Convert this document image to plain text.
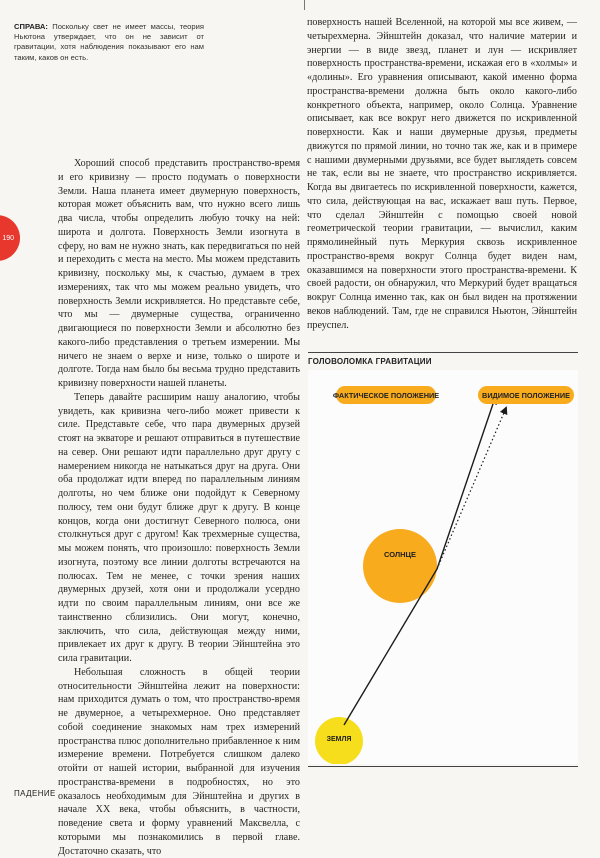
СПРАВА: Поскольку свет не имеет массы, теория Ньютона утверждает, что он не зависит от гравитации, хотя наблюдения показывают его нам таким, каков он есть.
190

Хороший способ представить пространство-время и его кривизну — просто подумать о поверхности Земли. Наша планета имеет двумерную поверхность, которая может объяснить вам, что нужно всего лишь два числа, чтобы определить любую точку на ней: широта и долгота. Поверхность Земли изогнута в сферу, но вам не нужно знать, как передвигаться по ней и переходить с места на место. Мы можем представить кривизну, поскольку мы, к счастью, думаем в трех измерениях, так что мы можем реально увидеть, что поверхность Земли искривляется. Но представьте себе, что мы — двумерные существа, ограниченно двигающиеся по поверхности Земли и абсолютно без какого-либо представления о третьем измерении. Мы ничего не знаем о верхе и низе, только о широте и долготе. Тогда нам было бы весьма трудно представить кривизну поверхности нашей планеты.

Теперь давайте расширим нашу аналогию, чтобы увидеть, как кривизна чего-либо может привести к силе. Представьте себе, что пара двумерных друзей стоят на экваторе и решают отправиться в путешествие на север. Они решают идти параллельно друг другу с намерением никогда не натыкаться друг на друга. Они оба продолжат идти вперед по параллельным линиям долготы, но чем ближе они подойдут к Северному полюсу, тем они будут ближе друг к другу. В конце концов, когда они достигнут Северного полюса, они столкнуться друг с другом! Как трехмерные существа, мы можем понять, что произошло: поверхность Земли изогнута, поэтому все линии долготы встречаются на полюсах. Тем не менее, с точки зрения наших двумерных друзей, хотя они и продолжали усердно идти по своим параллельным линиям, они все же таинственно сблизились. Они могут, конечно, заключить, что сила, действующая между ними, привлекает их друг к другу. В теории Эйнштейна это сила гравитации.

Небольшая сложность в общей теории относительности Эйнштейна лежит на поверхности: нам приходится думать о том, что пространство-время не двумерное, а четырехмерное. Оно представляет собой соединение знакомых нам трех измерений пространства плюс дополнительно прибавленное к ним измерение времени. Потребуется слишком далеко отойти от нашей истории, выбранной для изучения пространства-времени в подробностях, но это оказалось необходимым для Эйнштейна и других в начале XX века, чтобы объяснить, в частности, поведение света и форму уравнений Максвелла, с которыми мы познакомились в первой главе. Достаточно сказать, что

поверхность нашей Вселенной, на которой мы все живем, — четырехмерна. Эйнштейн доказал, что наличие материи и энергии — в виде звезд, планет и лун — искривляет поверхность пространства-времени, искажая его в «холмы» и «долины». Его уравнения описывают, какой именно форма пространства-времени должна быть около какого-либо конкретного объекта, например, около Солнца. Уравнение описывает, как все вокруг него движется по искривленной поверхности. Как и наши двумерные друзья, предметы движутся по прямой линии, но точно так же, как и в примере с нашими двумерными друзьями, все будет выглядеть совсем не так, если вы не знаете, что пространство искривляется. Когда вы двигаетесь по искривленной поверхности, кажется, что сила, действующая на вас, искажает ваш путь. Первое, что сделал Эйнштейн с помощью своей новой геометрической теории гравитации, — вычислил, каким прямолинейный путь Меркурия сквозь искривленное пространство-время вокруг Солнца будет виден нам, оказавшимся на поверхности этого пространства-времени. К своей радости, он обнаружил, что Меркурий будет вращаться вокруг Солнца именно так, как он был виден на протяжении веков наблюдений. Там, где не справился Ньютон, Эйнштейн преуспел.

ГОЛОВОЛОМКА ГРАВИТАЦИИ
ФАКТИЧЕСКОЕ ПОЛОЖЕНИЕ	ВИДИМОЕ ПОЛОЖЕНИЕ
СОЛНЦЕ
ЗЕМЛЯ
ПАДЕНИЕ
